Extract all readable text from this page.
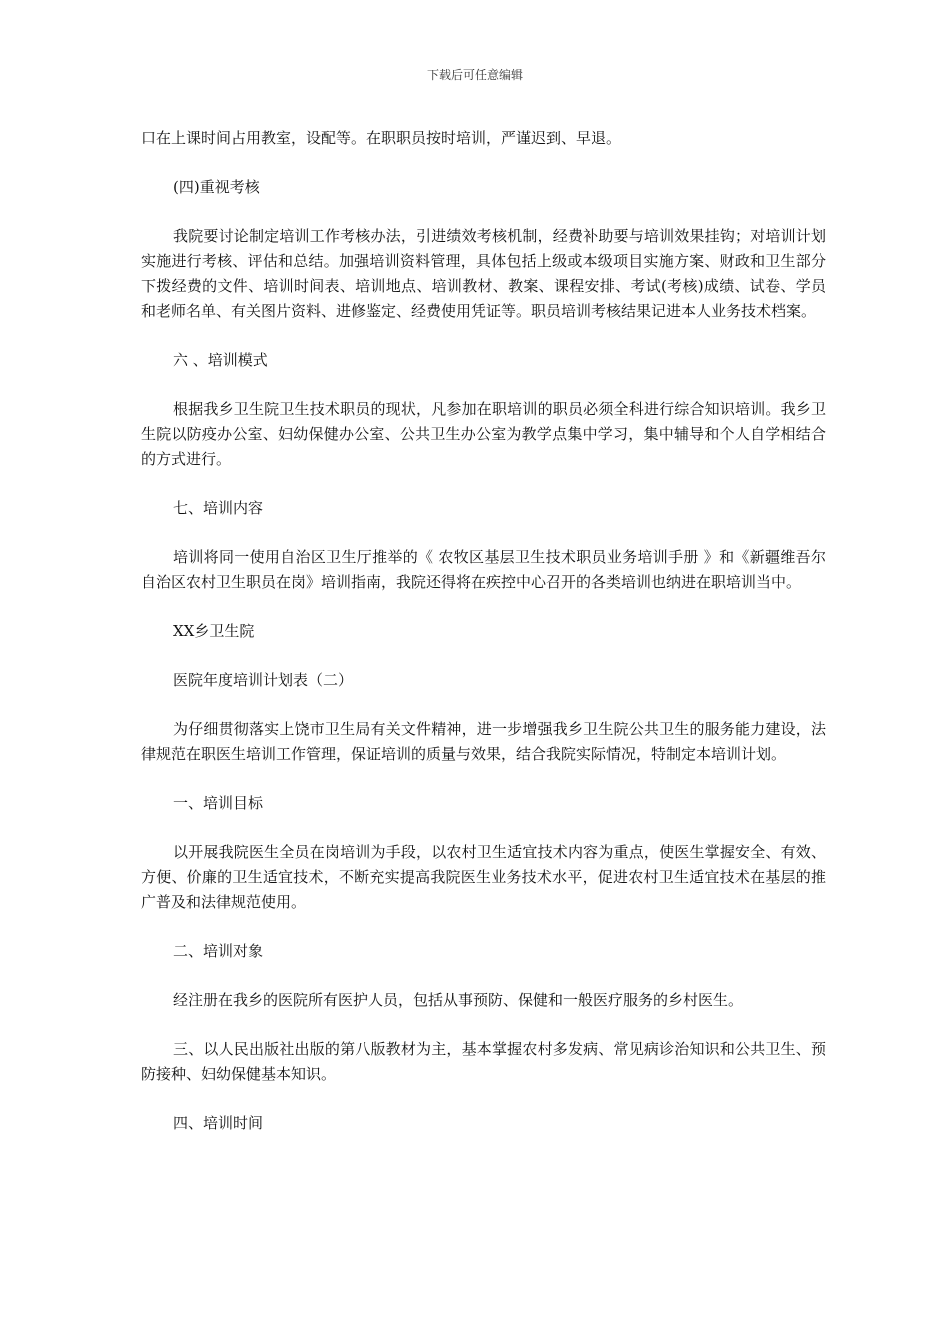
下载后可任意编辑

口在上课时间占用教室，设配等。在职职员按时培训，严谨迟到、早退。

(四)重视考核

我院要讨论制定培训工作考核办法，引进绩效考核机制，经费补助要与培训效果挂钩；对培训计划实施进行考核、评估和总结。加强培训资料管理，具体包括上级或本级项目实施方案、财政和卫生部分下拨经费的文件、培训时间表、培训地点、培训教材、教案、课程安排、考试(考核)成绩、试卷、学员和老师名单、有关图片资料、进修鉴定、经费使用凭证等。职员培训考核结果记进本人业务技术档案。

六 、培训模式

根据我乡卫生院卫生技术职员的现状，凡参加在职培训的职员必须全科进行综合知识培训。我乡卫生院以防疫办公室、妇幼保健办公室、公共卫生办公室为教学点集中学习，集中辅导和个人自学相结合的方式进行。

七、培训内容

培训将同一使用自治区卫生厅推举的《 农牧区基层卫生技术职员业务培训手册 》和《新疆维吾尔自治区农村卫生职员在岗》培训指南，我院还得将在疾控中心召开的各类培训也纳进在职培训当中。

XX乡卫生院

医院年度培训计划表（二）

为仔细贯彻落实上饶市卫生局有关文件精神，进一步增强我乡卫生院公共卫生的服务能力建设，法律规范在职医生培训工作管理，保证培训的质量与效果，结合我院实际情况，特制定本培训计划。

一、培训目标

以开展我院医生全员在岗培训为手段，以农村卫生适宜技术内容为重点，使医生掌握安全、有效、方便、价廉的卫生适宜技术，不断充实提高我院医生业务技术水平，促进农村卫生适宜技术在基层的推广普及和法律规范使用。

二、培训对象

经注册在我乡的医院所有医护人员，包括从事预防、保健和一般医疗服务的乡村医生。

三、以人民出版社出版的第八版教材为主，基本掌握农村多发病、常见病诊治知识和公共卫生、预防接种、妇幼保健基本知识。

四、培训时间
